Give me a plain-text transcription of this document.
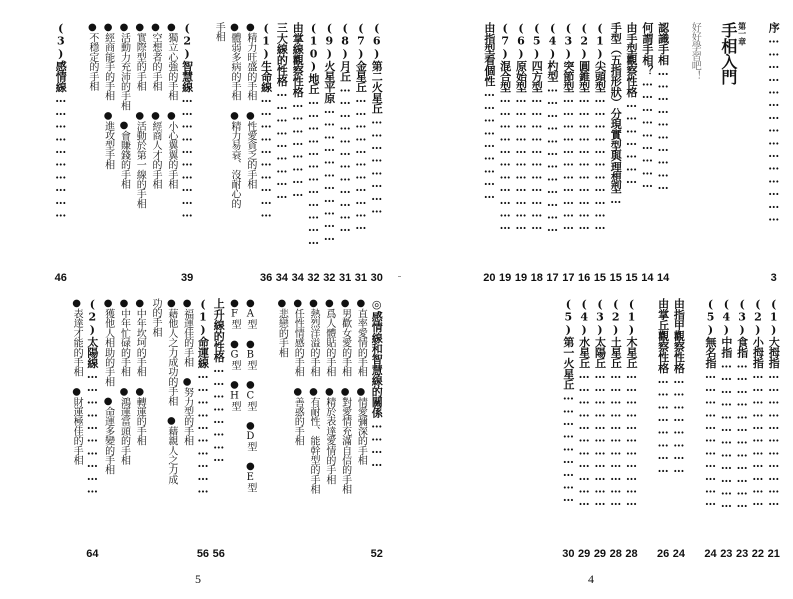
(6)第二火星丘……………………
30
(7)金星丘……………………………
31
(8)月丘………………………………
31
(9)火星平原……………………………
32
(10)地丘………………………………
32
由掌線觀察性格……………………
34
三大線的性格………………………
34
(1)生命線…………………………
36
●精力旺盛的手相　●性愛貪乏的手相
●體弱多病的手相　●精力易衰、沒耐心的
手相
(2)智慧線…………………………
39
●獨立心強的手相　●小心翼翼的手相
●空想者的手相　　●經商人才的手相
●實際型的手相　　●活動於第一線的手相
●活動力充沛的手相　●會賺錢的手相
●經商能手的手相　●進攻型手相
●不穩定的手相
(3)感情線…………………………
46
◎感情線和智慧線的關係…………
52
●直率愛情的手相　●情愛彌深的手相
●男歡女愛的手相　●對愛情充滿自信的手相
●爲人體貼的手相　●精於表達愛情的手相
●熱烈洋溢的手相　●有耐性、能幹型的手相
●任性情感的手相　●善惑的手相
●悲戀的手相
●A型　●B型　●C型　●D型　●E型
●F型　●G型　●H型
上升線的性格……………………
56
(1)命運線…………………………
56
●福運佳的手相　●努力型的手相
●藉他人之力成功的手相　●藉親人之力成
功的手相
●中年坎坷的手相　●轉運的手相
●中年忙碌的手相　●鴻運當頭的手相
●獲他人相助的手相　●命運多變的手相
(2)太陽線…………………………
64
●表達才能的手相　●財運極佳的手相
5
序………………………………………
3
第一章
手相入門
好好學習吧！
認識手相…………………………
14
何謂手相？………………………
14
由手型觀察性格…………………
15
手型（五指形狀）分現實型與理想型…
15
(1)尖頭型……………………………
15
(2)圓錐型……………………………
16
(3)突節型……………………………
17
(4)杓型………………………………
17
(5)四方型……………………………
18
(6)原始型……………………………
19
(7)混合型……………………………
19
由指型看個性………………………
20
(1)大拇指……………………………
21
(2)小拇指……………………………
22
(3)食指………………………………
23
(4)中指………………………………
23
(5)無名指……………………………
24
由指甲觀察性格……………………
24
由掌丘觀察性格……………………
26
(1)木星丘……………………………
28
(2)土星丘……………………………
28
(3)太陽丘……………………………
29
(4)水星丘……………………………
29
(5)第一火星丘………………………
30
4
